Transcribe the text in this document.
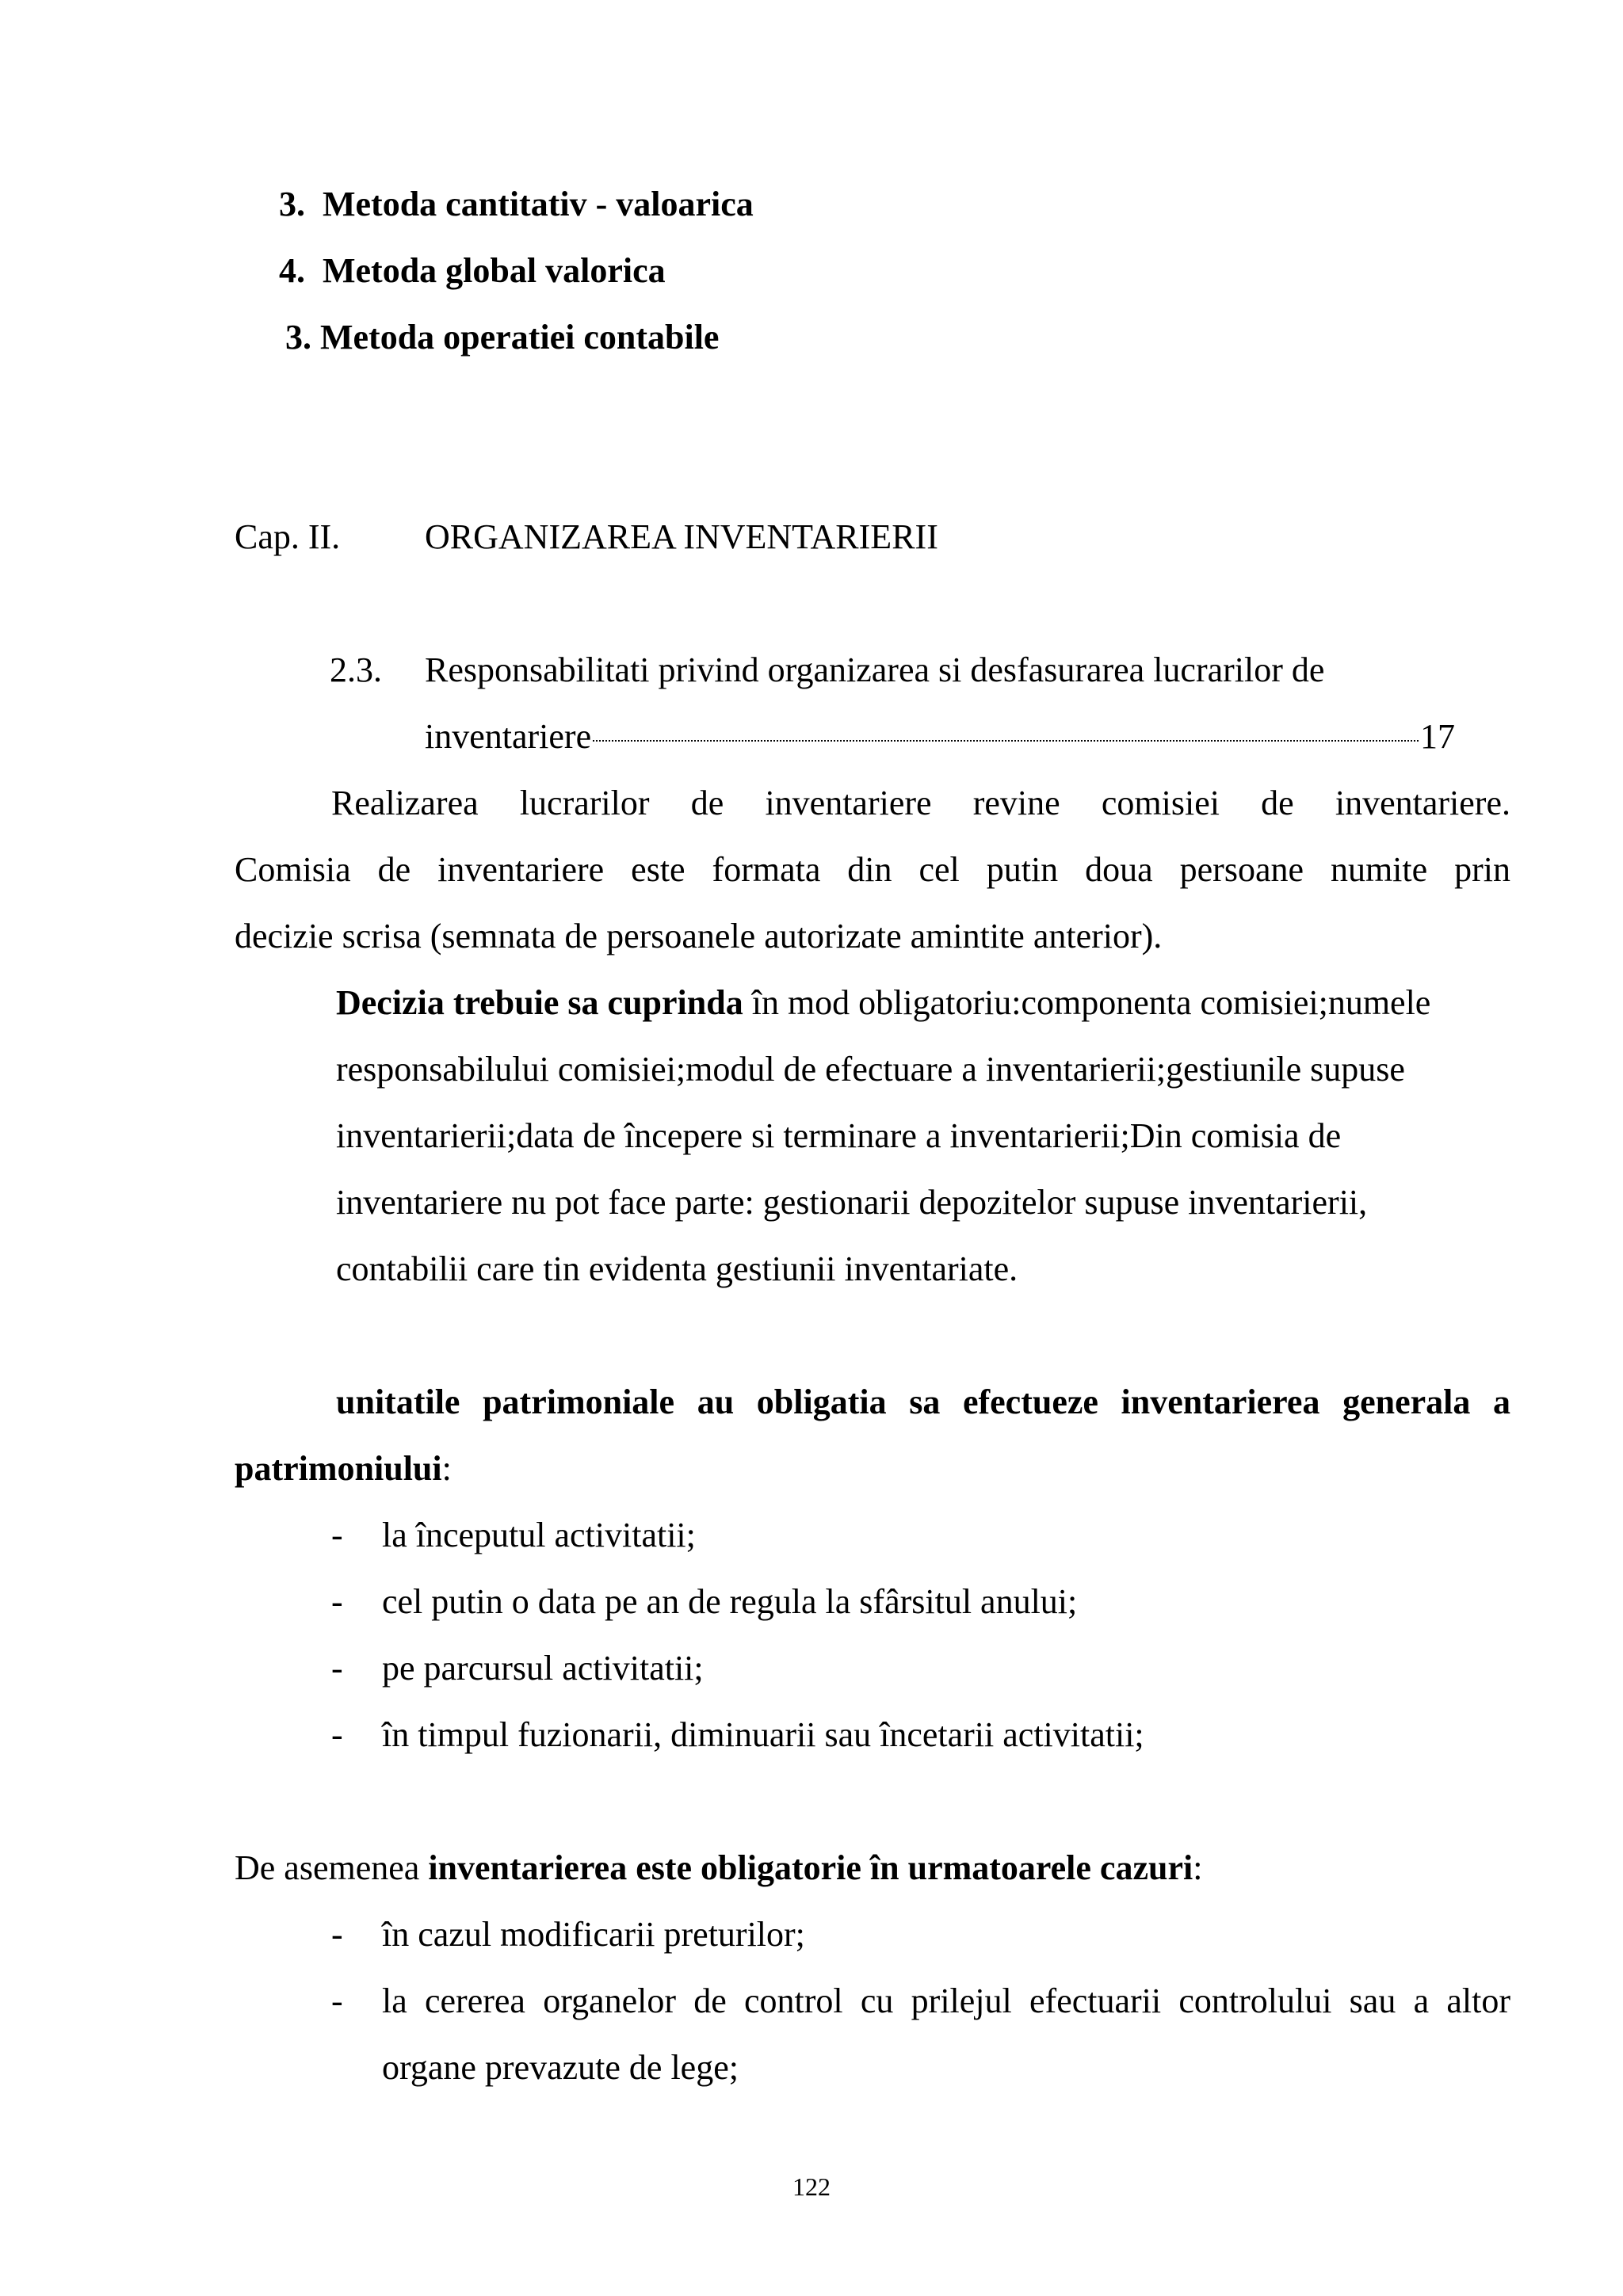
3. Metoda cantitativ - valoarica
4. Metoda global valorica
3. Metoda operatiei contabile
Cap. II. ORGANIZAREA INVENTARIERII
2.3. Responsabilitati privind organizarea si desfasurarea lucrarilor de
inventariere	17
Realizarea lucrarilor de inventariere revine comisiei de inventariere.
Comisia de inventariere este formata din cel putin doua persoane numite prin
decizie scrisa (semnata de persoanele autorizate amintite anterior).
Decizia trebuie sa cuprinda în mod obligatoriu:componenta comisiei;numele
responsabilului comisiei;modul de efectuare a inventarierii;gestiunile supuse
inventarierii;data de începere si terminare a inventarierii;Din comisia de
inventariere nu pot face parte: gestionarii depozitelor supuse inventarierii,
contabilii care tin evidenta gestiunii inventariate.
unitatile patrimoniale au obligatia sa efectueze inventarierea generala a
patrimoniului:
- la începutul activitatii;
- cel putin o data pe an de regula la sfârsitul anului;
- pe parcursul activitatii;
- în timpul fuzionarii, diminuarii sau încetarii activitatii;
De asemenea inventarierea este obligatorie în urmatoarele cazuri:
- în cazul modificarii preturilor;
- la cererea organelor de control cu prilejul efectuarii controlului sau a altor
organe prevazute de lege;
122
